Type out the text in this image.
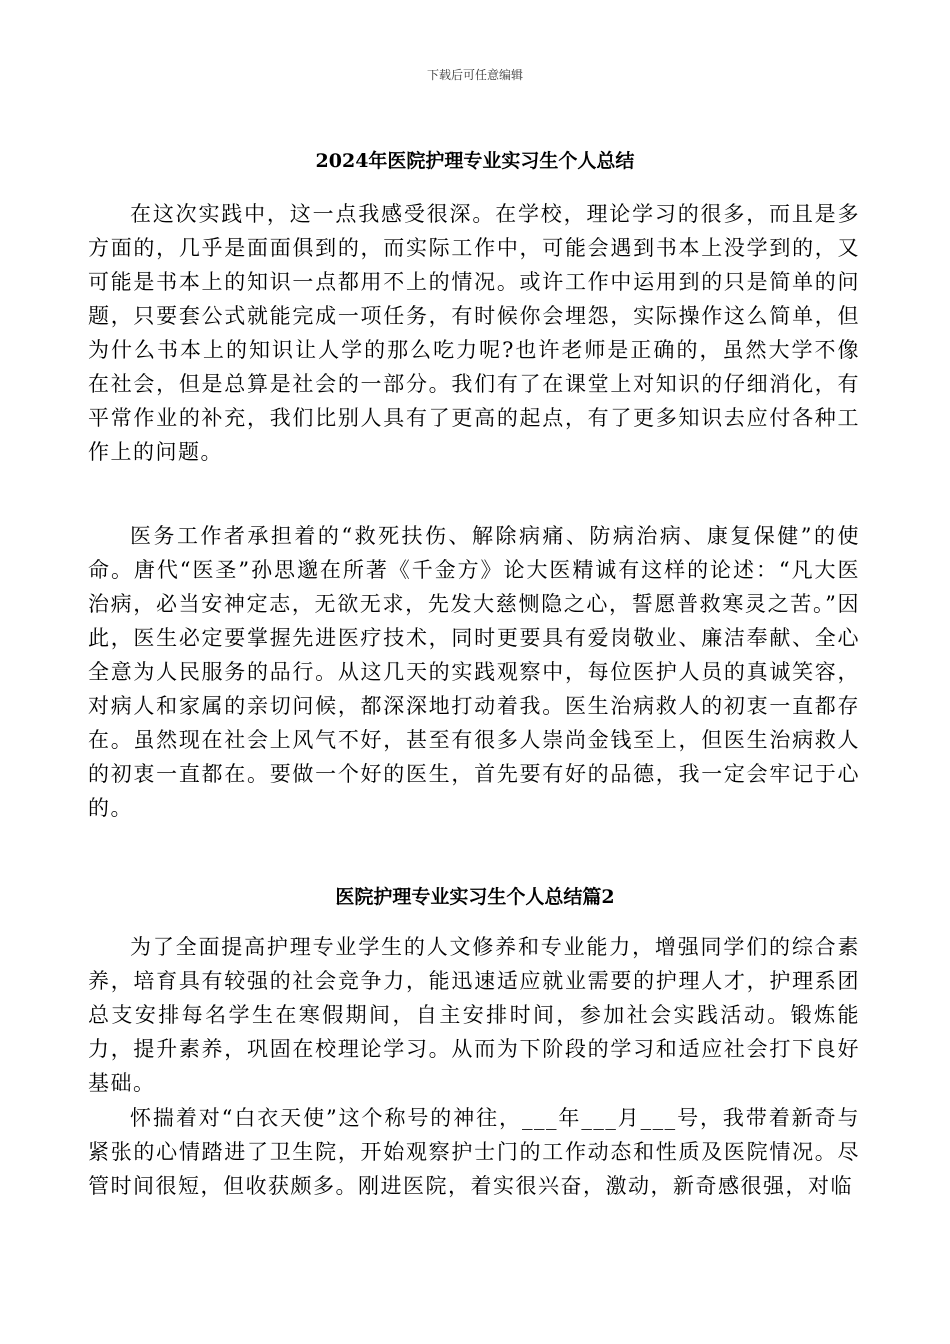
下载后可任意编辑
2024年医院护理专业实习生个人总结

在这次实践中，这一点我感受很深。在学校，理论学习的很多，而且是多方面的，几乎是面面俱到的，而实际工作中，可能会遇到书本上没学到的，又可能是书本上的知识一点都用不上的情况。或许工作中运用到的只是简单的问题，只要套公式就能完成一项任务，有时候你会埋怨，实际操作这么简单，但为什么书本上的知识让人学的那么吃力呢?也许老师是正确的，虽然大学不像在社会，但是总算是社会的一部分。我们有了在课堂上对知识的仔细消化，有平常作业的补充，我们比别人具有了更高的起点，有了更多知识去应付各种工作上的问题。

医务工作者承担着的“救死扶伤、解除病痛、防病治病、康复保健”的使命。唐代“医圣”孙思邈在所著《千金方》论大医精诚有这样的论述：“凡大医治病，必当安神定志，无欲无求，先发大慈恻隐之心，誓愿普救寒灵之苦。”因此，医生必定要掌握先进医疗技术，同时更要具有爱岗敬业、廉洁奉献、全心全意为人民服务的品行。从这几天的实践观察中，每位医护人员的真诚笑容，对病人和家属的亲切问候，都深深地打动着我。医生治病救人的初衷一直都存在。虽然现在社会上风气不好，甚至有很多人崇尚金钱至上，但医生治病救人的初衷一直都在。要做一个好的医生，首先要有好的品德，我一定会牢记于心的。

医院护理专业实习生个人总结篇2

为了全面提高护理专业学生的人文修养和专业能力，增强同学们的综合素养，培育具有较强的社会竞争力，能迅速适应就业需要的护理人才，护理系团总支安排每名学生在寒假期间，自主安排时间，参加社会实践活动。锻炼能力，提升素养，巩固在校理论学习。从而为下阶段的学习和适应社会打下良好基础。

怀揣着对“白衣天使”这个称号的神往，___年___月___号，我带着新奇与紧张的心情踏进了卫生院，开始观察护士门的工作动态和性质及医院情况。尽管时间很短，但收获颇多。刚进医院，着实很兴奋，激动，新奇感很强，对临
